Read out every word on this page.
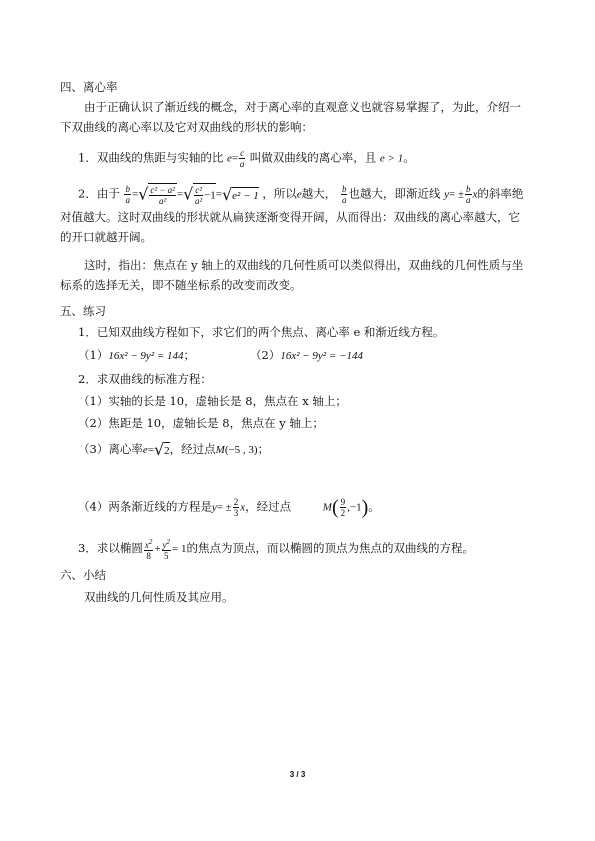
四、离心率
由于正确认识了渐近线的概念，对于离心率的直观意义也就容易掌握了，为此，介绍一
下双曲线的离心率以及它对双曲线的形状的影响：
1．双曲线的焦距与实轴的比 $e= \frac{c}{a}$ 叫做双曲线的离心率，且 e > 1。
2．由于 $\frac{b}{a}$ =√ $\frac{\text{c² − a²}}{\text{a²}}$ =√ $\frac{\text{c²}}{\text{a²}} -1=√e^2 - 1$ ，所以e越大， $\frac{b}{a}$ 也越大，即渐近线 $y= \pm \frac{b}{a}$ x的斜率绝
对值越大。这时双曲线的形状就从扁狭逐渐变得开阔，从而得出：双曲线的离心率越大，它
的开口就越开阔。
这时，指出：焦点在 y 轴上的双曲线的几何性质可以类似得出，双曲线的几何性质与坐
标系的选择无关，即不随坐标系的改变而改变。
五、练习
1．已知双曲线方程如下，求它们的两个焦点、离心率 e 和渐近线方程。
（1）16x² − 9y² = 144；	（2）16x² − 9y² = −144
2．求双曲线的标准方程：
（1）实轴的长是 10，虚轴长是 8，焦点在 x 轴上；
（2）焦距是 10，虚轴长是 8，焦点在 y 轴上；
（3）离心率e=√2，经过点M(−5 , 3)；
（4）两条渐近线的方程是$y= \pm \frac{2}{3}$ x，经过点	$M( \frac{9}{2} ,-1)$。
3．求以椭圆 $\frac{x^2}{8} + \frac{y^2}{5} = 1$的焦点为顶点，而以椭圆的顶点为焦点的双曲线的方程。
六、小结
双曲线的几何性质及其应用。
3 / 3
